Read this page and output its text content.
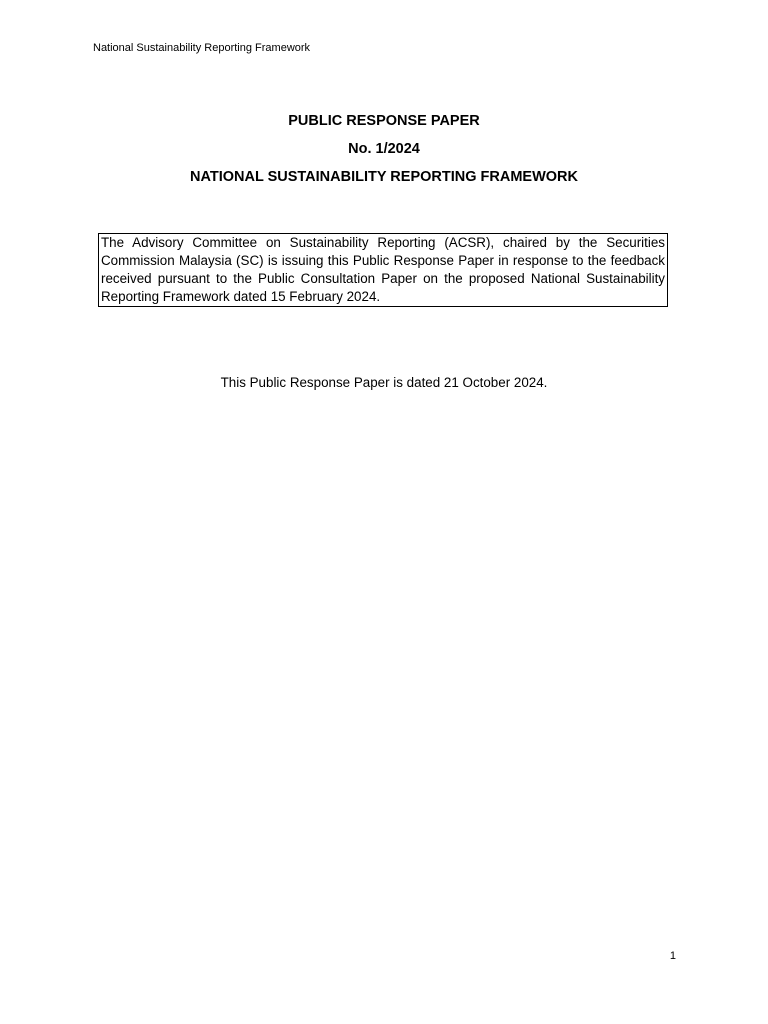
National Sustainability Reporting Framework
PUBLIC RESPONSE PAPER
No. 1/2024
NATIONAL SUSTAINABILITY REPORTING FRAMEWORK
The Advisory Committee on Sustainability Reporting (ACSR), chaired by the Securities Commission Malaysia (SC) is issuing this Public Response Paper in response to the feedback received pursuant to the Public Consultation Paper on the proposed National Sustainability Reporting Framework dated 15 February 2024.
This Public Response Paper is dated 21 October 2024.
1
